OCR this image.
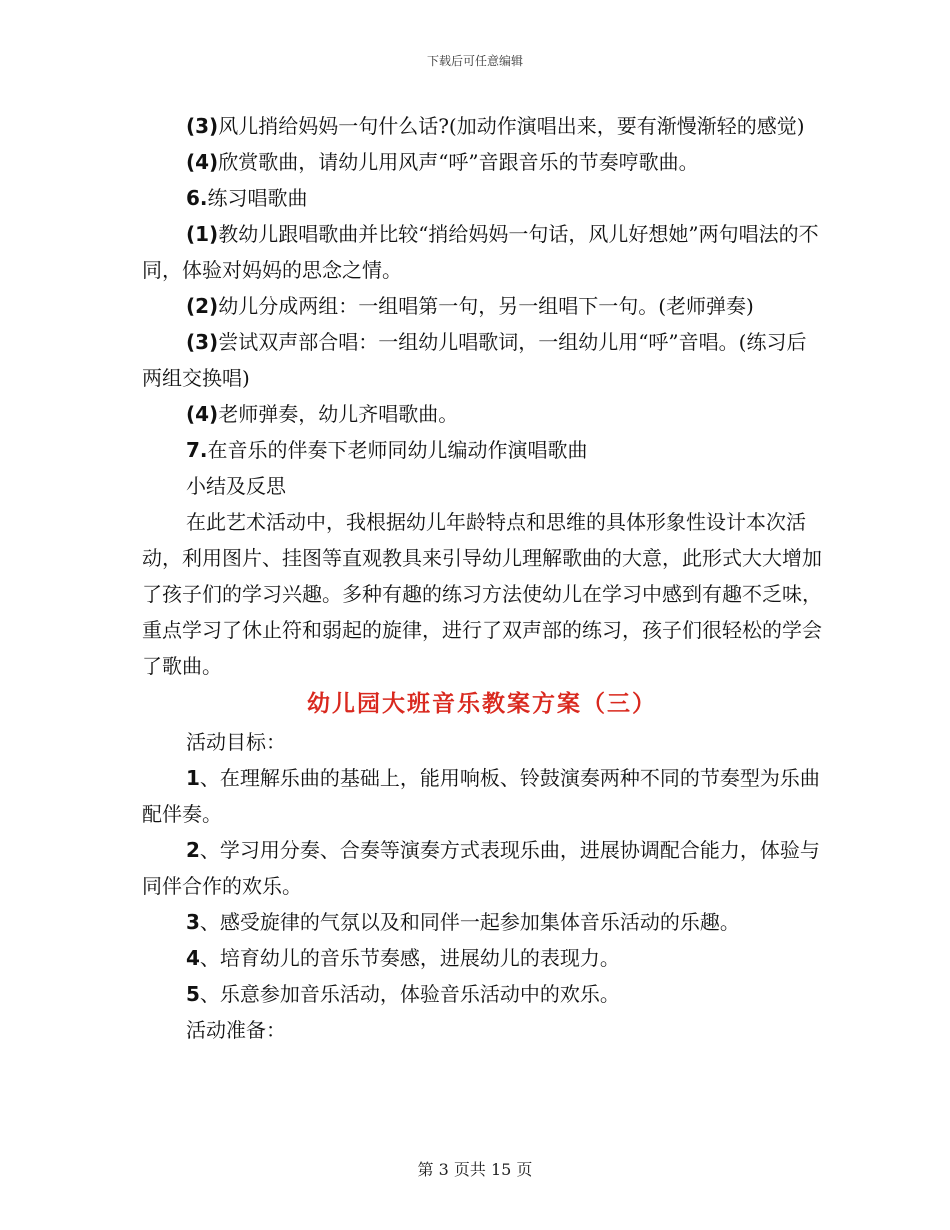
下载后可任意编辑

(3)风儿捎给妈妈一句什么话?(加动作演唱出来，要有渐慢渐轻的感觉)

(4)欣赏歌曲，请幼儿用风声“呼”音跟音乐的节奏哼歌曲。

6.练习唱歌曲

(1)教幼儿跟唱歌曲并比较“捎给妈妈一句话，风儿好想她”两句唱法的不同，体验对妈妈的思念之情。

(2)幼儿分成两组：一组唱第一句，另一组唱下一句。(老师弹奏)

(3)尝试双声部合唱：一组幼儿唱歌词，一组幼儿用“呼”音唱。(练习后两组交换唱)

(4)老师弹奏，幼儿齐唱歌曲。

7.在音乐的伴奏下老师同幼儿编动作演唱歌曲

小结及反思

在此艺术活动中，我根据幼儿年龄特点和思维的具体形象性设计本次活动，利用图片、挂图等直观教具来引导幼儿理解歌曲的大意，此形式大大增加了孩子们的学习兴趣。多种有趣的练习方法使幼儿在学习中感到有趣不乏味，重点学习了休止符和弱起的旋律，进行了双声部的练习，孩子们很轻松的学会了歌曲。

幼儿园大班音乐教案方案（三）

活动目标：

1、在理解乐曲的基础上，能用响板、铃鼓演奏两种不同的节奏型为乐曲配伴奏。

2、学习用分奏、合奏等演奏方式表现乐曲，进展协调配合能力，体验与同伴合作的欢乐。

3、感受旋律的气氛以及和同伴一起参加集体音乐活动的乐趣。

4、培育幼儿的音乐节奏感，进展幼儿的表现力。

5、乐意参加音乐活动，体验音乐活动中的欢乐。

活动准备：

第 3 页共 15 页
